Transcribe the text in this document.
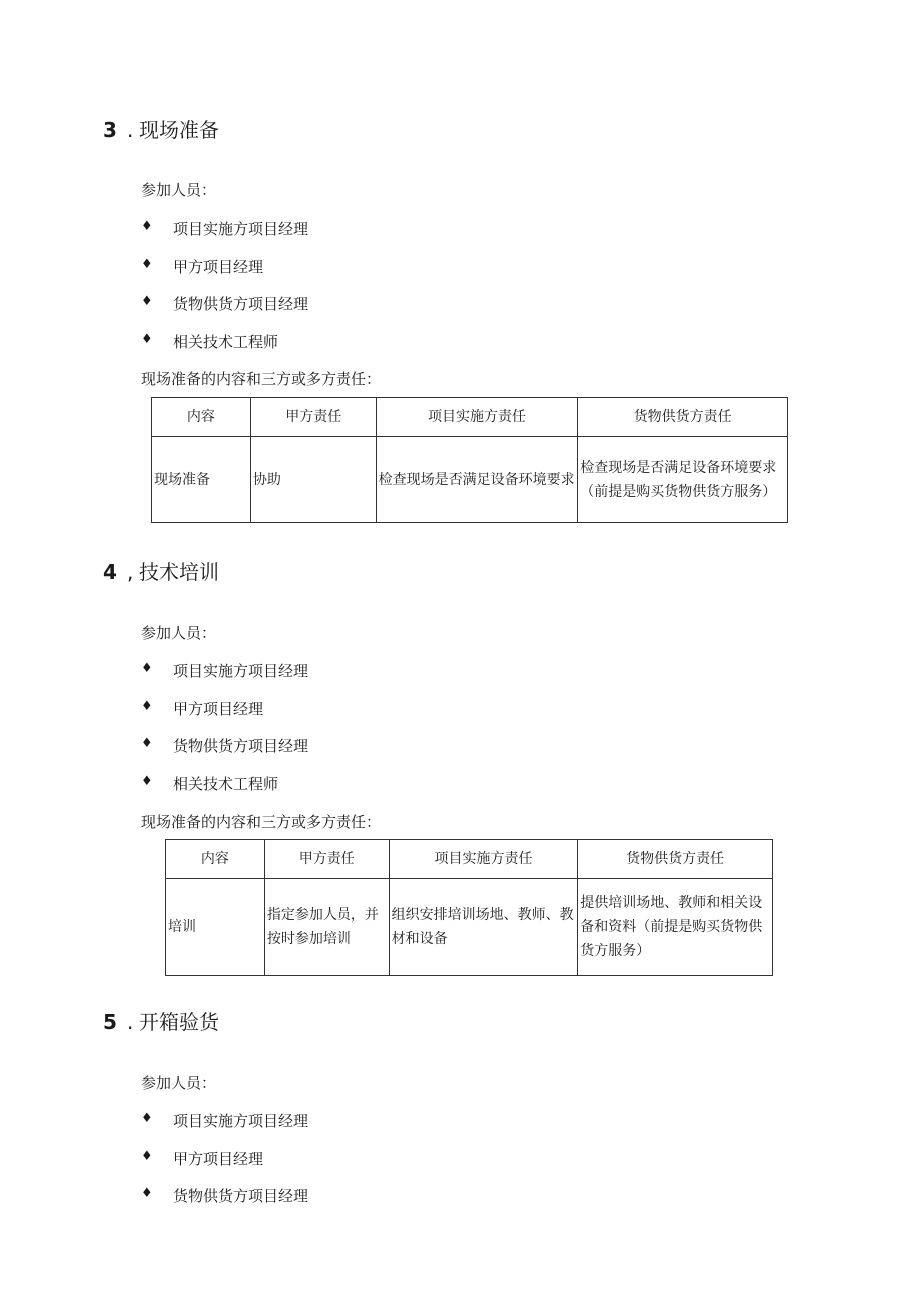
3 . 现场准备
参加人员：
♦ 项目实施方项目经理
♦ 甲方项目经理
♦ 货物供货方项目经理
♦ 相关技术工程师
现场准备的内容和三方或多方责任：
内容	甲方责任	项目实施方责任	货物供货方责任
现场准备	协助	检查现场是否满足设备环境要求	检查现场是否满足设备环境要求（前提是购买货物供货方服务）
4 , 技术培训
参加人员：
♦ 项目实施方项目经理
♦ 甲方项目经理
♦ 货物供货方项目经理
♦ 相关技术工程师
现场准备的内容和三方或多方责任：
内容	甲方责任	项目实施方责任	货物供货方责任
培训	指定参加人员，并按时参加培训	组织安排培训场地、教师、教材和设备	提供培训场地、教师和相关设备和资料（前提是购买货物供货方服务）
5 . 开箱验货
参加人员：
♦ 项目实施方项目经理
♦ 甲方项目经理
♦ 货物供货方项目经理
